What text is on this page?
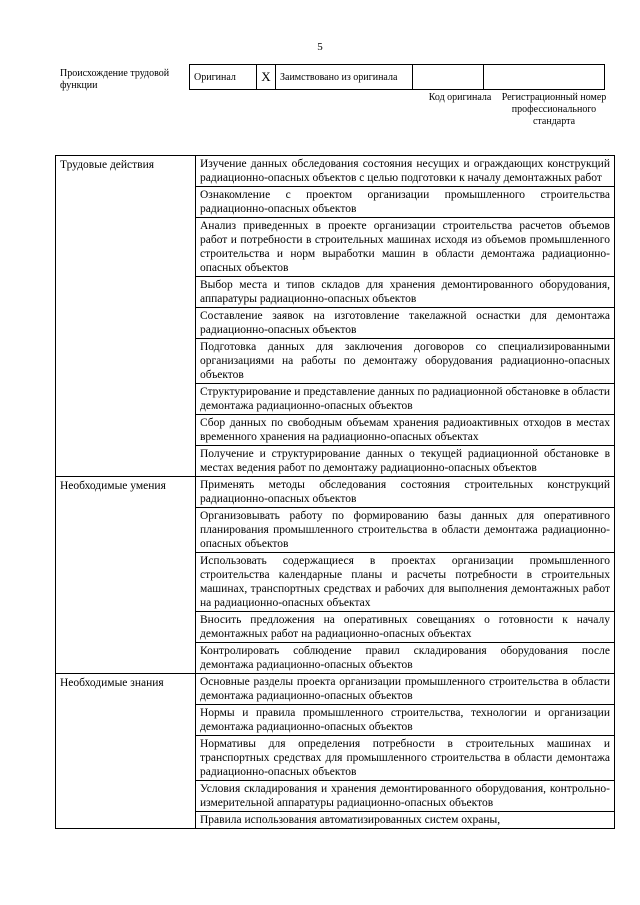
5
Происхождение трудовой функции
Оригинал	X	Заимствовано из оригинала		
Код оригинала	Регистрационный номер профессионального стандарта
Трудовые действия	Изучение данных обследования состояния несущих и ограждающих конструкций радиационно-опасных объектов с целью подготовки к началу демонтажных работ
	Ознакомление с проектом организации промышленного строительства радиационно-опасных объектов
	Анализ приведенных в проекте организации строительства расчетов объемов работ и потребности в строительных машинах исходя из объемов промышленного строительства и норм выработки машин в области демонтажа радиационно-опасных объектов
	Выбор места и типов складов для хранения демонтированного оборудования, аппаратуры радиационно-опасных объектов
	Составление заявок на изготовление такелажной оснастки для демонтажа радиационно-опасных объектов
	Подготовка данных для заключения договоров со специализированными организациями на работы по демонтажу оборудования радиационно-опасных объектов
	Структурирование и представление данных по радиационной обстановке в области демонтажа радиационно-опасных объектов
	Сбор данных по свободным объемам хранения радиоактивных отходов в местах временного хранения на радиационно-опасных объектах
	Получение и структурирование данных о текущей радиационной обстановке в местах ведения работ по демонтажу радиационно-опасных объектов
Необходимые умения	Применять методы обследования состояния строительных конструкций радиационно-опасных объектов
	Организовывать работу по формированию базы данных для оперативного планирования промышленного строительства в области демонтажа радиационно-опасных объектов
	Использовать содержащиеся в проектах организации промышленного строительства календарные планы и расчеты потребности в строительных машинах, транспортных средствах и рабочих для выполнения демонтажных работ на радиационно-опасных объектах
	Вносить предложения на оперативных совещаниях о готовности к началу демонтажных работ на радиационно-опасных объектах
	Контролировать соблюдение правил складирования оборудования после демонтажа радиационно-опасных объектов
Необходимые знания	Основные разделы проекта организации промышленного строительства в области демонтажа радиационно-опасных объектов
	Нормы и правила промышленного строительства, технологии и организации демонтажа радиационно-опасных объектов
	Нормативы для определения потребности в строительных машинах и транспортных средствах для промышленного строительства в области демонтажа радиационно-опасных объектов
	Условия складирования и хранения демонтированного оборудования, контрольно-измерительной аппаратуры радиационно-опасных объектов
	Правила использования автоматизированных систем охраны,
